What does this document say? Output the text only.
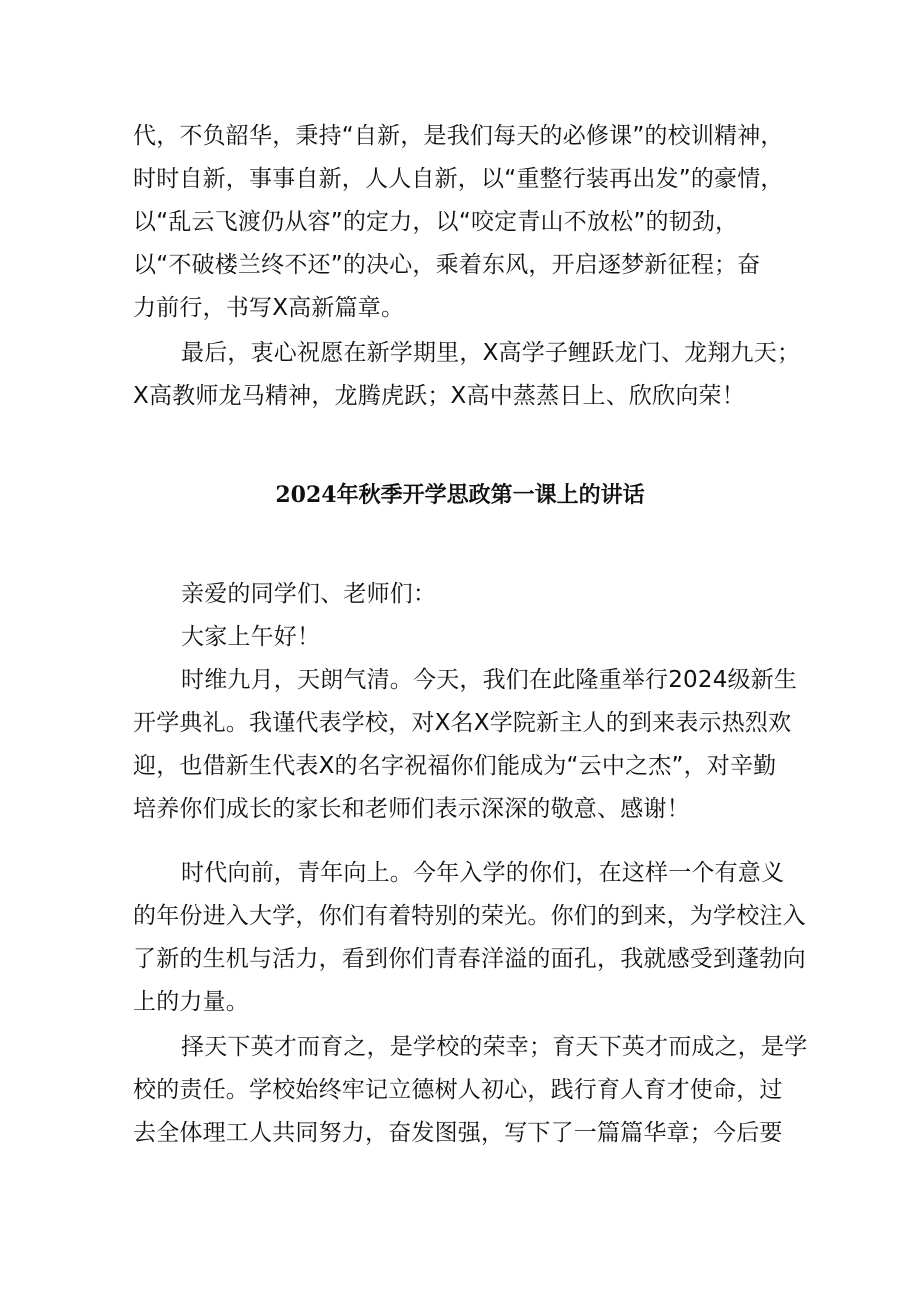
代，不负韶华，秉持“自新，是我们每天的必修课”的校训精神，
时时自新，事事自新，人人自新，以“重整行装再出发”的豪情，
以“乱云飞渡仍从容”的定力，以“咬定青山不放松”的韧劲，
以“不破楼兰终不还”的决心，乘着东风，开启逐梦新征程；奋
力前行，书写X高新篇章。
最后，衷心祝愿在新学期里，X高学子鲤跃龙门、龙翔九天；
X高教师龙马精神，龙腾虎跃；X高中蒸蒸日上、欣欣向荣！
2024年秋季开学思政第一课上的讲话
亲爱的同学们、老师们：
大家上午好！
时维九月，天朗气清。今天，我们在此隆重举行2024级新生
开学典礼。我谨代表学校，对X名X学院新主人的到来表示热烈欢
迎，也借新生代表X的名字祝福你们能成为“云中之杰”，对辛勤
培养你们成长的家长和老师们表示深深的敬意、感谢！
时代向前，青年向上。今年入学的你们，在这样一个有意义
的年份进入大学，你们有着特别的荣光。你们的到来，为学校注入
了新的生机与活力，看到你们青春洋溢的面孔，我就感受到蓬勃向
上的力量。
择天下英才而育之，是学校的荣幸；育天下英才而成之，是学
校的责任。学校始终牢记立德树人初心，践行育人育才使命，过
去全体理工人共同努力，奋发图强，写下了一篇篇华章；今后要
